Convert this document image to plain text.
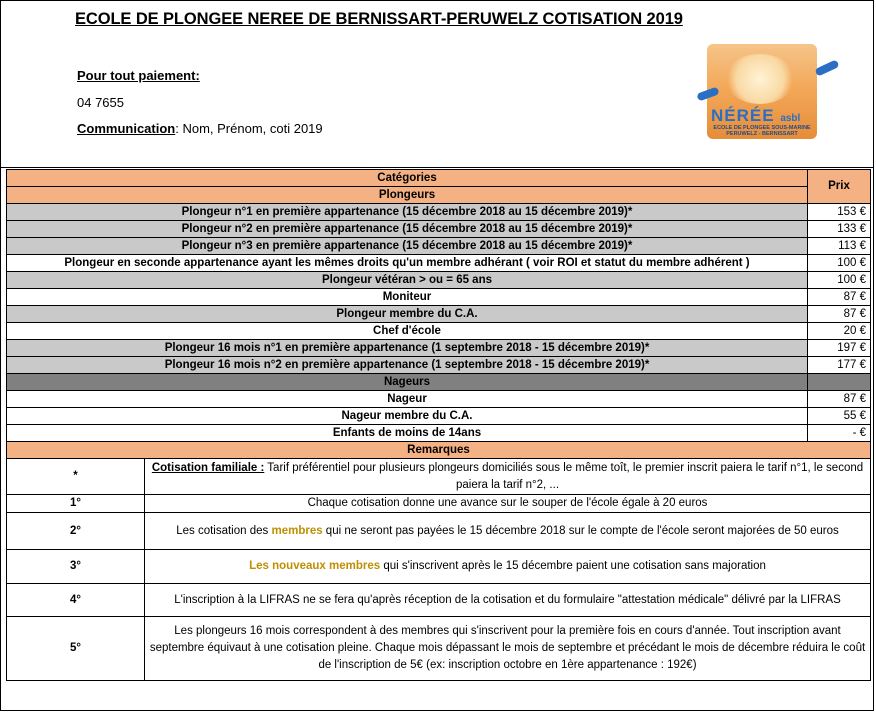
ECOLE DE PLONGEE NEREE DE BERNISSART-PERUWELZ COTISATION 2019
Pour tout paiement:
04 7655
Communication: Nom, Prénom, coti 2019
NÉRÉE asbl
ECOLE DE PLONGEE SOUS-MARINE
PERUWELZ - BERNISSART
Catégories		Prix
Plongeurs		
Plongeur n°1 en première appartenance (15 décembre 2018 au 15 décembre 2019)*		153 €
Plongeur n°2 en première appartenance (15 décembre 2018 au 15 décembre 2019)*		133 €
Plongeur n°3 en première appartenance (15 décembre 2018 au 15 décembre 2019)*		113 €
Plongeur en seconde appartenance ayant les mêmes droits qu'un membre adhérant ( voir ROI et statut du membre adhérent )		100 €
Plongeur vétéran > ou = 65 ans		100 €
Moniteur		87 €
Plongeur membre du C.A.		87 €
Chef d'école		20 €
Plongeur 16 mois n°1 en première appartenance (1 septembre 2018 - 15 décembre 2019)*		197 €
Plongeur 16 mois n°2 en première appartenance (1 septembre 2018 - 15 décembre 2019)*		177 €
Nageurs		
Nageur		87 €
Nageur membre du C.A.		55 €
Enfants de moins de 14ans		- €
Remarques		
*	Cotisation familiale : Tarif préférentiel pour plusieurs plongeurs domiciliés sous le même toît, le premier inscrit paiera le tarif n°1, le second paiera la tarif n°2, ...	
1°	Chaque cotisation donne une avance sur le souper de l'école égale à 20 euros	
2°	Les cotisation des membres qui ne seront pas payées le 15 décembre 2018 sur le compte de l'école seront majorées de 50 euros	
3°	Les nouveaux membres qui s'inscrivent après le 15 décembre paient une cotisation sans majoration	
4°	L'inscription à la LIFRAS ne se fera qu'après réception de la cotisation et du formulaire "attestation médicale" délivré par la LIFRAS	
5°	Les plongeurs 16 mois correspondent à des membres qui s'inscrivent pour la première fois en cours d'année. Tout inscription avant septembre équivaut à une cotisation pleine. Chaque mois dépassant le mois de septembre et précédant le mois de décembre réduira le coût de l'inscription de 5€ (ex: inscription octobre en 1ère appartenance : 192€)	
